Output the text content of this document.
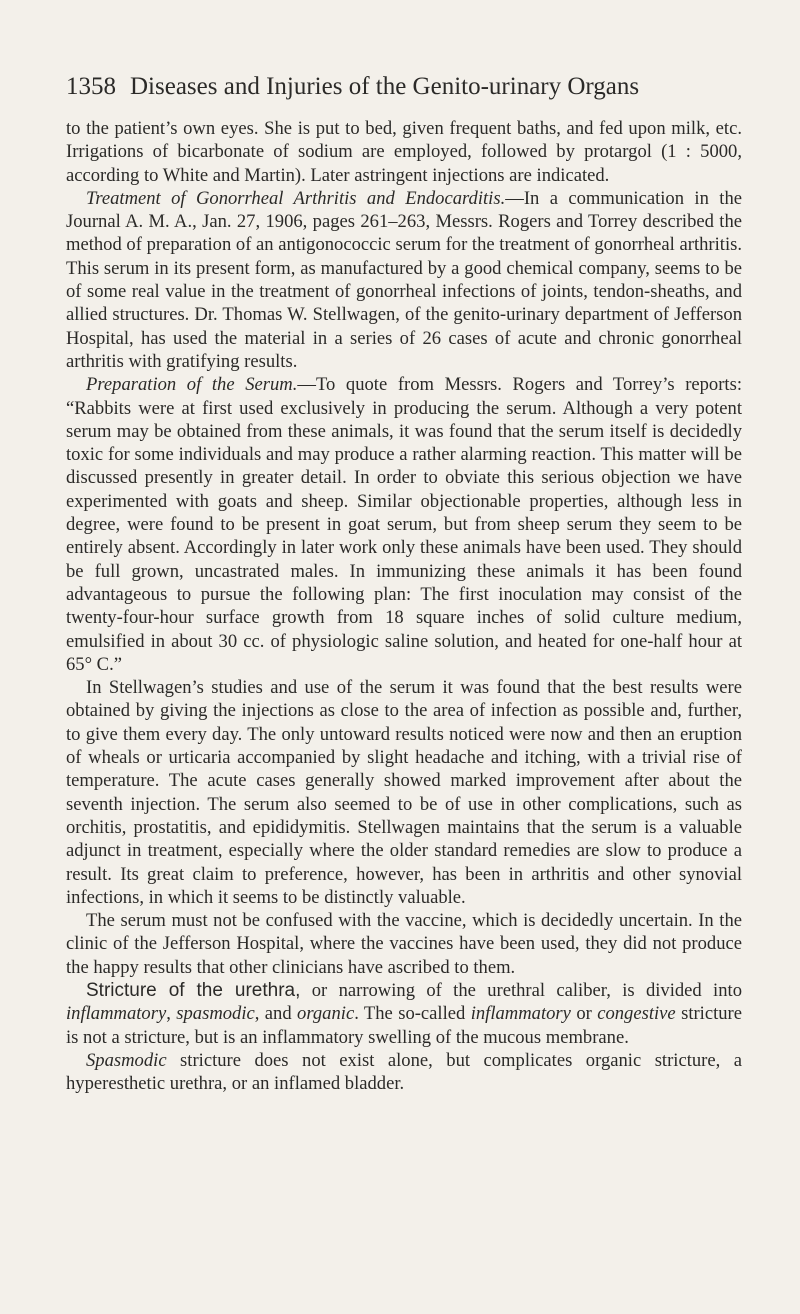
1358 Diseases and Injuries of the Genito-urinary Organs

to the patient’s own eyes. She is put to bed, given frequent baths, and fed upon milk, etc. Irrigations of bicarbonate of sodium are employed, followed by protargol (1 : 5000, according to White and Martin). Later astringent injections are indicated.

Treatment of Gonorrheal Arthritis and Endocarditis.—In a communication in the Journal A. M. A., Jan. 27, 1906, pages 261–263, Messrs. Rogers and Torrey described the method of preparation of an antigonococcic serum for the treatment of gonorrheal arthritis. This serum in its present form, as manufactured by a good chemical company, seems to be of some real value in the treatment of gonorrheal infections of joints, tendon-sheaths, and allied structures. Dr. Thomas W. Stellwagen, of the genito-urinary department of Jefferson Hospital, has used the material in a series of 26 cases of acute and chronic gonorrheal arthritis with gratifying results.

Preparation of the Serum.—To quote from Messrs. Rogers and Torrey’s reports: “Rabbits were at first used exclusively in producing the serum. Although a very potent serum may be obtained from these animals, it was found that the serum itself is decidedly toxic for some individuals and may produce a rather alarming reaction. This matter will be discussed presently in greater detail. In order to obviate this serious objection we have experimented with goats and sheep. Similar objectionable properties, although less in degree, were found to be present in goat serum, but from sheep serum they seem to be entirely absent. Accordingly in later work only these animals have been used. They should be full grown, uncastrated males. In immunizing these animals it has been found advantageous to pursue the following plan: The first inoculation may consist of the twenty-four-hour surface growth from 18 square inches of solid culture medium, emulsified in about 30 cc. of physiologic saline solution, and heated for one-half hour at 65° C.”

In Stellwagen’s studies and use of the serum it was found that the best results were obtained by giving the injections as close to the area of infection as possible and, further, to give them every day. The only untoward results noticed were now and then an eruption of wheals or urticaria accompanied by slight headache and itching, with a trivial rise of temperature. The acute cases generally showed marked improvement after about the seventh injection. The serum also seemed to be of use in other complications, such as orchitis, prostatitis, and epididymitis. Stellwagen maintains that the serum is a valuable adjunct in treatment, especially where the older standard remedies are slow to produce a result. Its great claim to preference, however, has been in arthritis and other synovial infections, in which it seems to be distinctly valuable.

The serum must not be confused with the vaccine, which is decidedly uncertain. In the clinic of the Jefferson Hospital, where the vaccines have been used, they did not produce the happy results that other clinicians have ascribed to them.

Stricture of the urethra, or narrowing of the urethral caliber, is divided into inflammatory, spasmodic, and organic. The so-called inflammatory or congestive stricture is not a stricture, but is an inflammatory swelling of the mucous membrane.

Spasmodic stricture does not exist alone, but complicates organic stricture, a hyperesthetic urethra, or an inflamed bladder.
